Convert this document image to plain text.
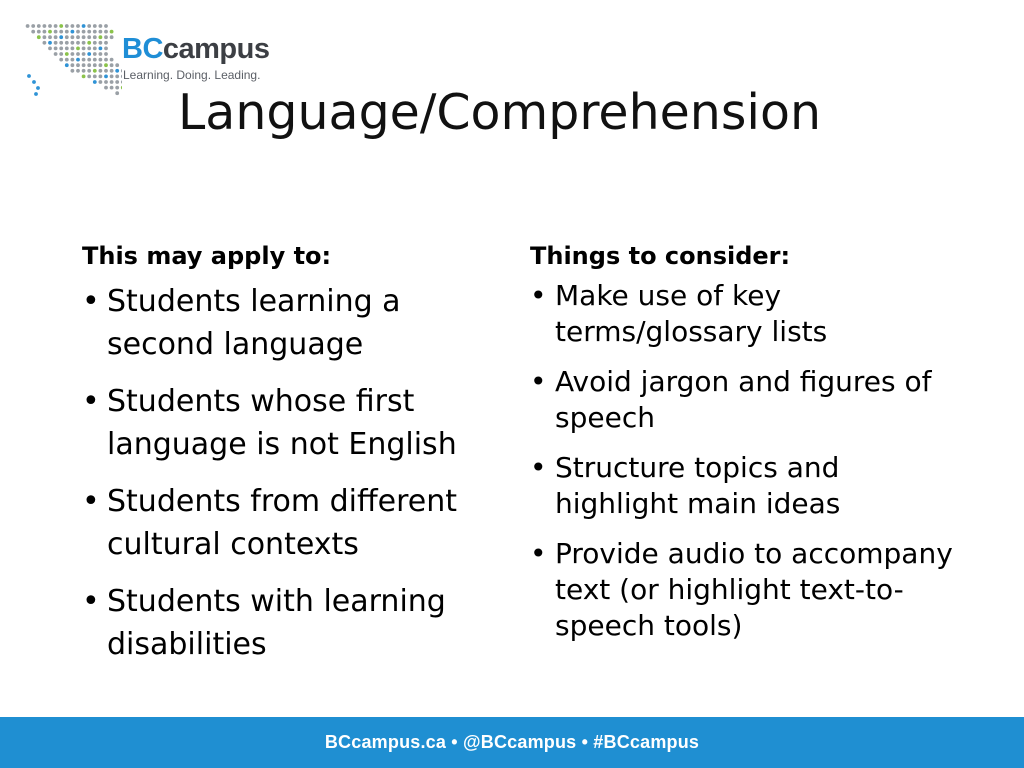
BCcampus
Learning. Doing. Leading.
Language/Comprehension
This may apply to:
• Students learning a second language
• Students whose first language is not English
• Students from different cultural contexts
• Students with learning disabilities
Things to consider:
• Make use of key terms/glossary lists
• Avoid jargon and figures of speech
• Structure topics and highlight main ideas
• Provide audio to accompany text (or highlight text-to-speech tools)
BCcampus.ca • @BCcampus • #BCcampus
